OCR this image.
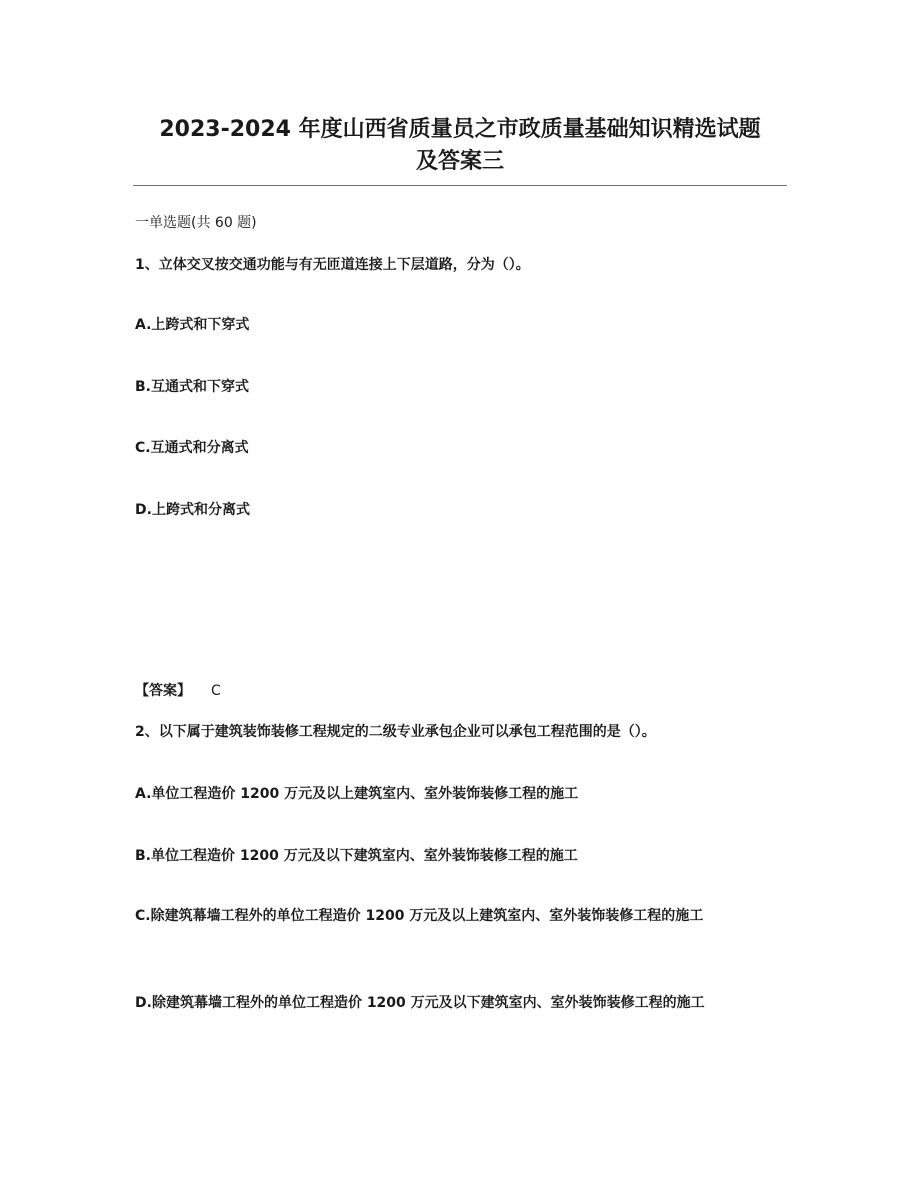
2023-2024 年度山西省质量员之市政质量基础知识精选试题
及答案三
一单选题(共 60 题)
1、立体交叉按交通功能与有无匝道连接上下层道路，分为（）。
A.上跨式和下穿式
B.互通式和下穿式
C.互通式和分离式
D.上跨式和分离式
【答案】 C
2、以下属于建筑装饰装修工程规定的二级专业承包企业可以承包工程范围的是（）。
A.单位工程造价 1200 万元及以上建筑室内、室外装饰装修工程的施工
B.单位工程造价 1200 万元及以下建筑室内、室外装饰装修工程的施工
C.除建筑幕墙工程外的单位工程造价 1200 万元及以上建筑室内、室外装饰装修工程的施工
D.除建筑幕墙工程外的单位工程造价 1200 万元及以下建筑室内、室外装饰装修工程的施工
